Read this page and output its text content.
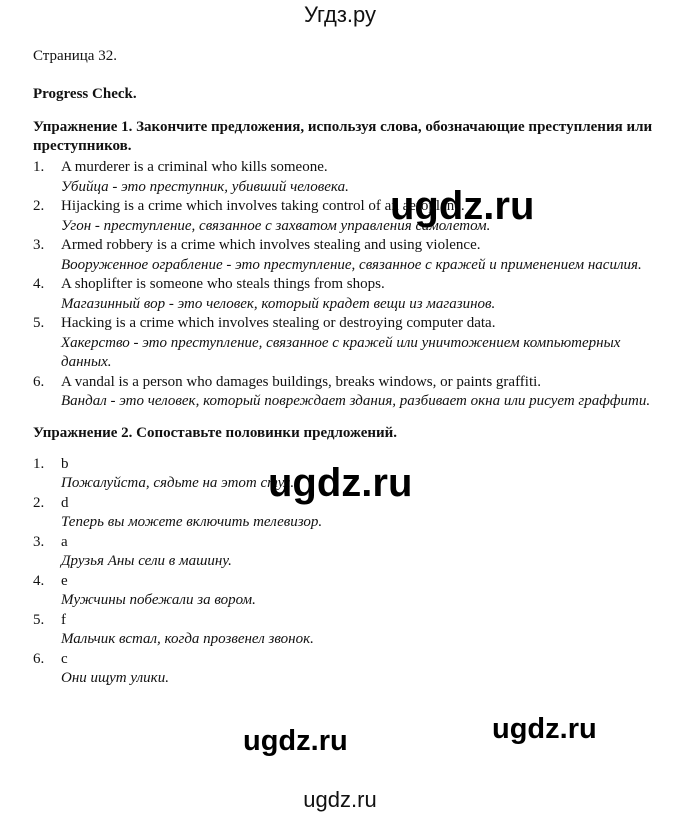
Угдз.ру

Страница 32.

Progress Check.

Упражнение 1. Закончите предложения, используя слова, обозначающие преступления или преступников.

1.	A murderer is a criminal who kills someone.
Убийца - это преступник, убивший человека.
2.	Hijacking is a crime which involves taking control of an aeroplane.
Угон - преступление, связанное с захватом управления самолетом.
3.	Armed robbery is a crime which involves stealing and using violence.
Вооруженное ограбление - это преступление, связанное с кражей и применением насилия.
4.	A shoplifter is someone who steals things from shops.
Магазинный вор - это человек, который крадет вещи из магазинов.
5.	Hacking is a crime which involves stealing or destroying computer data.
Хакерство - это преступление, связанное с кражей или уничтожением компьютерных данных.
6.	A vandal is a person who damages buildings, breaks windows, or paints graffiti.
Вандал - это человек, который повреждает здания, разбивает окна или рисует граффити.

Упражнение 2. Сопоставьте половинки предложений.

1.	b
Пожалуйста, сядьте на этот стул.
2.	d
Теперь вы можете включить телевизор.
3.	a
Друзья Аны сели в машину.
4.	e
Мужчины побежали за вором.
5.	f
Мальчик встал, когда прозвенел звонок.
6.	c
Они ищут улики.
ugdz.ru
ugdz.ru
ugdz.ru
ugdz.ru
ugdz.ru
